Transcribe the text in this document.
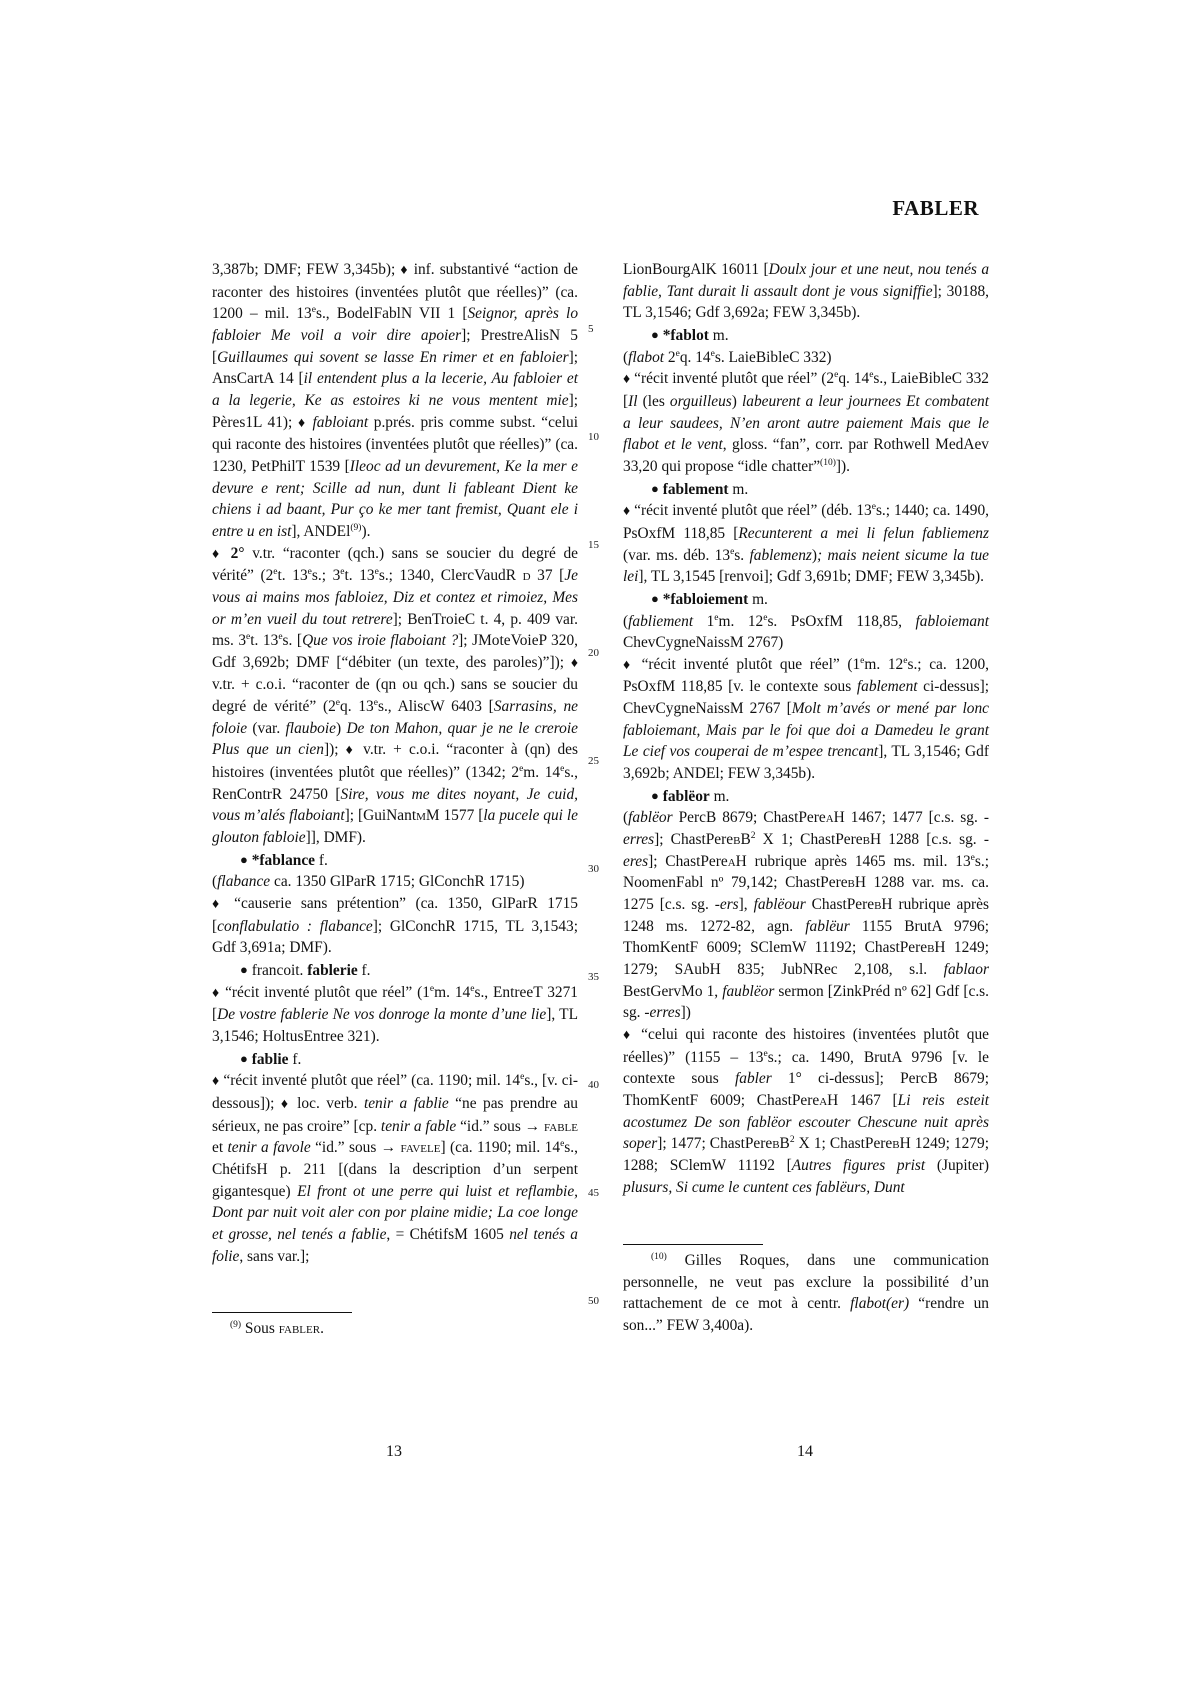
FABLER

3,387b; DMF; FEW 3,345b); ♦ inf. substantivé “action de raconter des histoires (inventées plutôt que réelles)” (ca. 1200 – mil. 13es., BodelFablN VII 1 [Seignor, après lo fabloier Me voil a voir dire apoier]; PrestreAlisN 5 [Guillaumes qui sovent se lasse En rimer et en fabloier]; AnsCartA 14 [il entendent plus a la lecerie, Au fabloier et a la legerie, Ke as estoires ki ne vous mentent mie]; Pères1L 41); ♦ fabloiant p.prés. pris comme subst. “celui qui raconte des histoires (inventées plutôt que réelles)” (ca. 1230, PetPhilT 1539 [Ileoc ad un devurement, Ke la mer e devure e rent; Scille ad nun, dunt li fableant Dient ke chiens i ad baant, Pur ço ke mer tant fremist, Quant ele i entre u en ist], ANDEl$^{(9)}$).

♦ 2° v.tr. “raconter (qch.) sans se soucier du degré de vérité” (2et. 13es.; 3et. 13es.; 1340, ClercVaudR d 37 [Je vous ai mains mos fabloiez, Diz et contez et rimoiez, Mes or m’en vueil du tout retrere]; BenTroieC t. 4, p. 409 var. ms. 3et. 13es. [Que vos iroie flaboiant ?]; JMoteVoieP 320, Gdf 3,692b; DMF [“débiter (un texte, des paroles)”]); ♦ v.tr. + c.o.i. “raconter de (qn ou qch.) sans se soucier du degré de vérité” (2eq. 13es., AliscW 6403 [Sarrasins, ne foloie (var. flauboie) De ton Mahon, quar je ne le creroie Plus que un cien]); ♦ v.tr. + c.o.i. “raconter à (qn) des histoires (inventées plutôt que réelles)” (1342; 2em. 14es., RenContrR 24750 [Sire, vous me dites noyant, Je cuid, vous m’alés flaboiant]; [GuiNantmM 1577 [la pucele qui le glouton fabloie]], DMF).

● *fablance f.

(flabance ca. 1350 GlParR 1715; GlConchR 1715)

♦ “causerie sans prétention” (ca. 1350, GlParR 1715 [conflabulatio : flabance]; GlConchR 1715, TL 3,1543; Gdf 3,691a; DMF).

● francoit. fablerie f.

♦ “récit inventé plutôt que réel” (1em. 14es., EntreeT 3271 [De vostre fablerie Ne vos donroge la monte d’une lie], TL 3,1546; HoltusEntree 321).

● fablie f.

♦ “récit inventé plutôt que réel” (ca. 1190; mil. 14es., [v. ci-dessous]); ♦ loc. verb. tenir a fablie “ne pas prendre au sérieux, ne pas croire” [cp. tenir a fable “id.” sous → fable et tenir a favole “id.” sous → favele] (ca. 1190; mil. 14es., ChétifsH p. 211 [(dans la description d’un serpent gigantesque) El front ot une perre qui luist et reflambie, Dont par nuit voit aler con por plaine midie; La coe longe et grosse, nel tenés a fablie, = ChétifsM 1605 nel tenés a folie, sans var.];

5
10
15
20
25
30
35
40
45
50

LionBourgAlK 16011 [Doulx jour et une neut, nou tenés a fablie, Tant durait li assault dont je vous signiffie]; 30188, TL 3,1546; Gdf 3,692a; FEW 3,345b).

● *fablot m.

(flabot 2eq. 14es. LaieBibleC 332)

♦ “récit inventé plutôt que réel” (2eq. 14es., LaieBibleC 332 [Il (les orguilleus) labeurent a leur journees Et combatent a leur saudees, N’en aront autre paiement Mais que le flabot et le vent, gloss. “fan”, corr. par Rothwell MedAev 33,20 qui propose “idle chatter”$^{(10)}$]).

● fablement m.

♦ “récit inventé plutôt que réel” (déb. 13es.; 1440; ca. 1490, PsOxfM 118,85 [Recunterent a mei li felun fabliemenz (var. ms. déb. 13es. fablemenz); mais neient sicume la tue lei], TL 3,1545 [renvoi]; Gdf 3,691b; DMF; FEW 3,345b).

● *fabloiement m.

(fabliement 1em. 12es. PsOxfM 118,85, fabloiemant ChevCygneNaissM 2767)

♦ “récit inventé plutôt que réel” (1em. 12es.; ca. 1200, PsOxfM 118,85 [v. le contexte sous fablement ci-dessus]; ChevCygneNaissM 2767 [Molt m’avés or mené par lonc fabloiemant, Mais par le foi que doi a Damedeu le grant Le cief vos couperai de m’espee trencant], TL 3,1546; Gdf 3,692b; ANDEl; FEW 3,345b).

● fablëor m.

(fablëor PercB 8679; ChastPereaH 1467; 1477 [c.s. sg. -erres]; ChastPerebB$^2$ X 1; ChastPerebH 1288 [c.s. sg. -eres]; ChastPereaH rubrique après 1465 ms. mil. 13es.; NoomenFabl nº 79,142; ChastPerebH 1288 var. ms. ca. 1275 [c.s. sg. -ers], fablëour ChastPerebH rubrique après 1248 ms. 1272-82, agn. fablëur 1155 BrutA 9796; ThomKentF 6009; SClemW 11192; ChastPerebH 1249; 1279; SAubH 835; JubNRec 2,108, s.l. fablaor BestGervMo 1, faublëor sermon [ZinkPréd nº 62] Gdf [c.s. sg. -erres])

♦ “celui qui raconte des histoires (inventées plutôt que réelles)” (1155 – 13es.; ca. 1490, BrutA 9796 [v. le contexte sous fabler 1° ci-dessus]; PercB 8679; ThomKentF 6009; ChastPereaH 1467 [Li reis esteit acostumez De son fablëor escouter Chescune nuit après soper]; 1477; ChastPerebB$^2$ X 1; ChastPerebH 1249; 1279; 1288; SClemW 11192 [Autres figures prist (Jupiter) plusurs, Si cume le cuntent ces fablëurs, Dunt

$^{(9)}$ Sous fabler.
$^{(10)}$ Gilles Roques, dans une communication personnelle, ne veut pas exclure la possibilité d’un rattachement de ce mot à centr. flabot(er) “rendre un son...” FEW 3,400a).
13	14
